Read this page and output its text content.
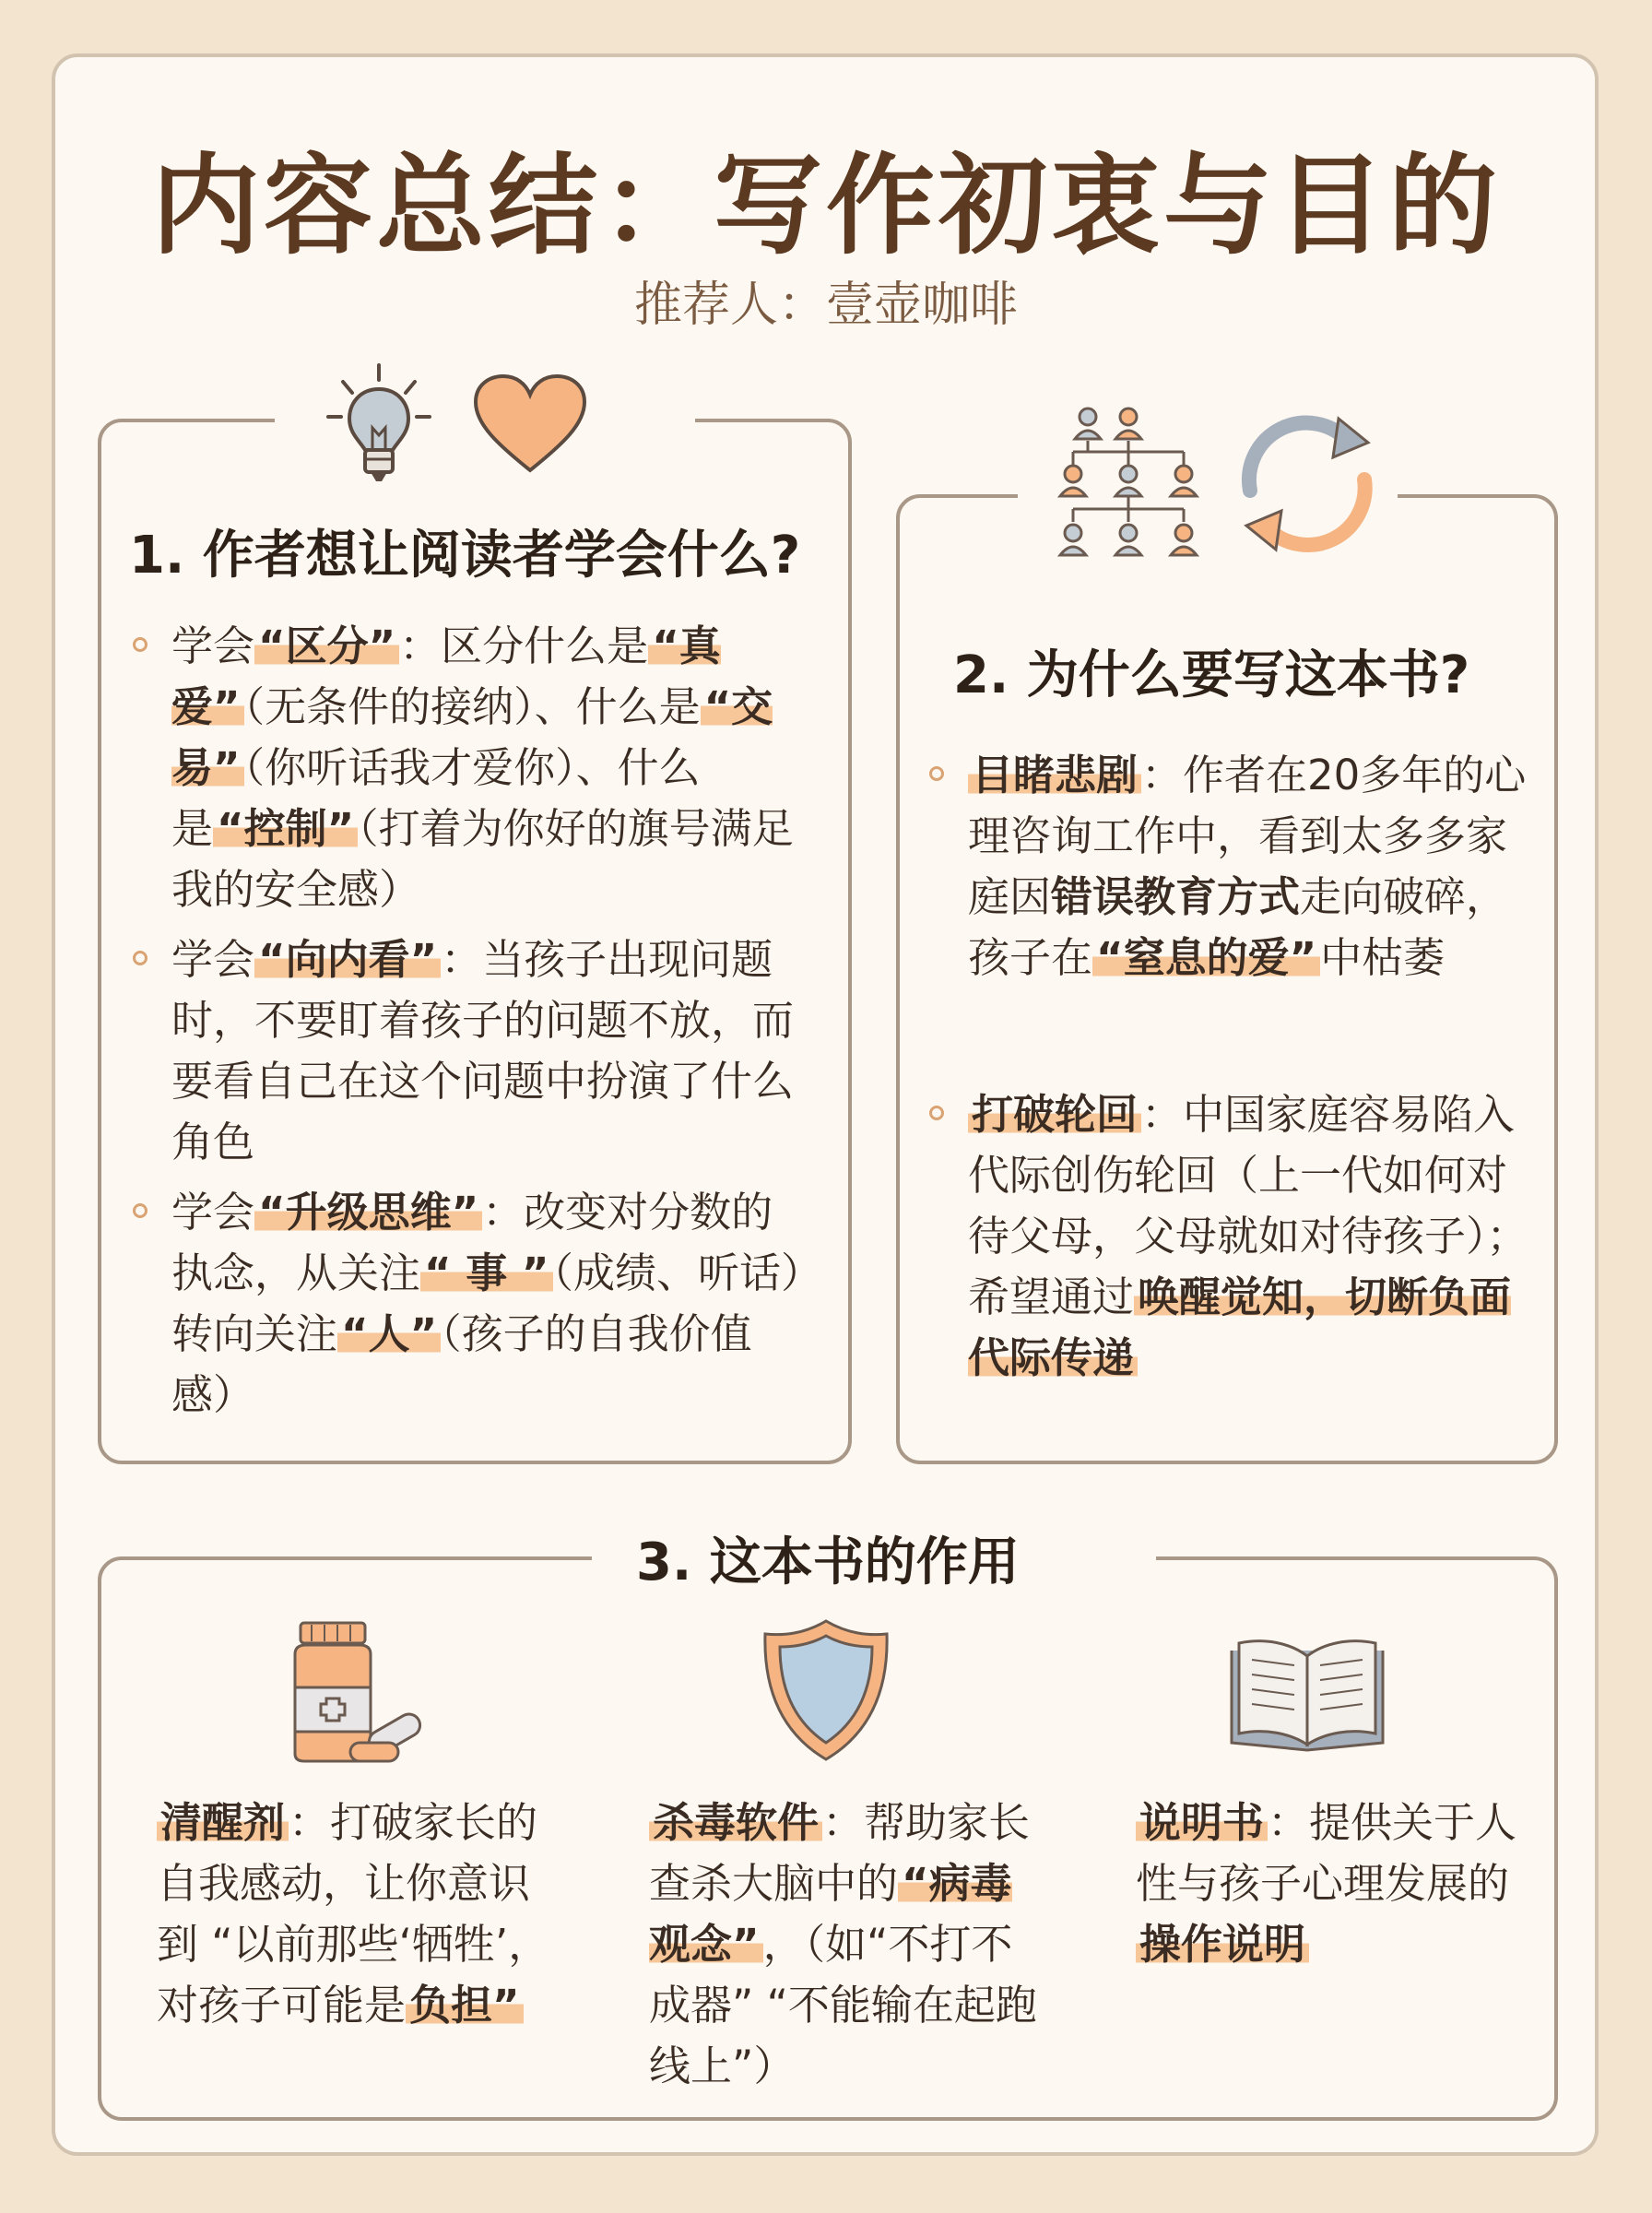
内容总结：写作初衷与目的
推荐人：壹壶咖啡
1. 作者想让阅读者学会什么?
学会“区分”：区分什么是“真爱”（无条件的接纳）、什么是“交易”（你听话我才爱你）、什么是“控制”（打着为你好的旗号满足我的安全感）
学会“向内看”：当孩子出现问题时，不要盯着孩子的问题不放，而要看自己在这个问题中扮演了什么角色
学会“升级思维”：改变对分数的执念，从关注“ 事 ”（成绩、听话）转向关注“人”（孩子的自我价值感）
2. 为什么要写这本书?
目睹悲剧：作者在20多年的心理咨询工作中，看到太多多家庭因错误教育方式走向破碎，孩子在“窒息的爱”中枯萎
打破轮回：中国家庭容易陷入代际创伤轮回（上一代如何对待父母，父母就如对待孩子）；希望通过唤醒觉知，切断负面代际传递
3. 这本书的作用
清醒剂：打破家长的自我感动，让你意识到 “以前那些‘牺牲’，对孩子可能是负担”
杀毒软件：帮助家长查杀大脑中的“病毒观念”，（如“不打不成器” “不能输在起跑线上”）
说明书：提供关于人性与孩子心理发展的操作说明
